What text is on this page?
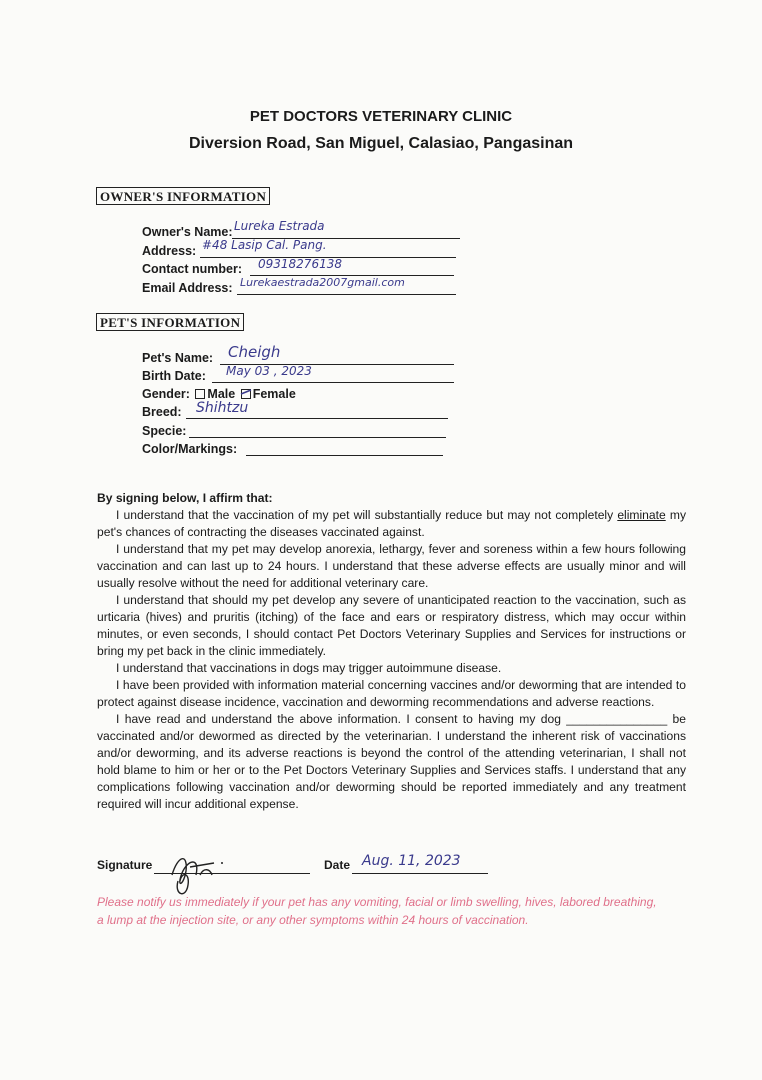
PET DOCTORS VETERINARY CLINIC
Diversion Road, San Miguel, Calasiao, Pangasinan
OWNER'S INFORMATION
Owner's Name: Lureka Estrada
Address: #48 Lasip Cal. Pang.
Contact number: 09318276138
Email Address: Lurekaestrada2007gmail.com
PET'S INFORMATION
Pet's Name: Cheigh
Birth Date: May 03 , 2023
Gender: Male Female
Breed: Shihtzu
Specie:
Color/Markings:

By signing below, I affirm that:

I understand that the vaccination of my pet will substantially reduce but may not completely eliminate my pet's chances of contracting the diseases vaccinated against.

I understand that my pet may develop anorexia, lethargy, fever and soreness within a few hours following vaccination and can last up to 24 hours. I understand that these adverse effects are usually minor and will usually resolve without the need for additional veterinary care.

I understand that should my pet develop any severe of unanticipated reaction to the vaccination, such as urticaria (hives) and pruritis (itching) of the face and ears or respiratory distress, which may occur within minutes, or even seconds, I should contact Pet Doctors Veterinary Supplies and Services for instructions or bring my pet back in the clinic immediately.

I understand that vaccinations in dogs may trigger autoimmune disease.

I have been provided with information material concerning vaccines and/or deworming that are intended to protect against disease incidence, vaccination and deworming recommendations and adverse reactions.

I have read and understand the above information. I consent to having my dog _______________ be vaccinated and/or dewormed as directed by the veterinarian. I understand the inherent risk of vaccinations and/or deworming, and its adverse reactions is beyond the control of the attending veterinarian, I shall not hold blame to him or her or to the Pet Doctors Veterinary Supplies and Services staffs. I understand that any complications following vaccination and/or deworming should be reported immediately and any treatment required will incur additional expense.

Signature	Date Aug. 11, 2023
Please notify us immediately if your pet has any vomiting, facial or limb swelling, hives, labored breathing, a lump at the injection site, or any other symptoms within 24 hours of vaccination.
